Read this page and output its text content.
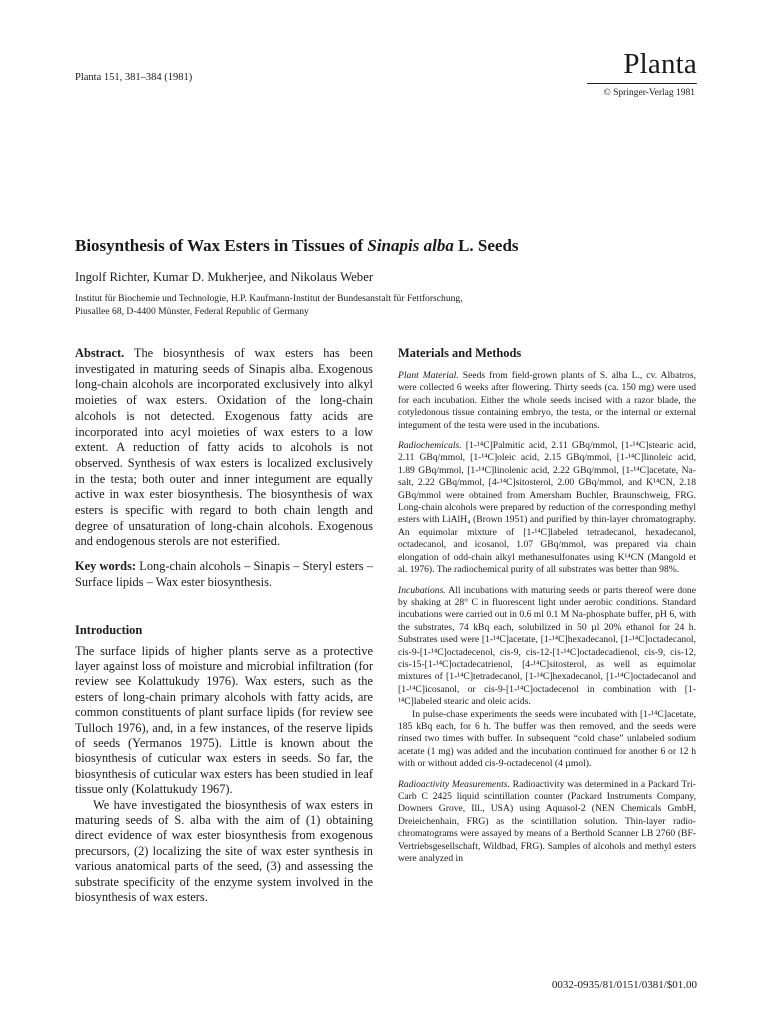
Planta 151, 381–384 (1981)	Planta
© Springer-Verlag 1981
Biosynthesis of Wax Esters in Tissues of Sinapis alba L. Seeds
Ingolf Richter, Kumar D. Mukherjee, and Nikolaus Weber
Institut für Biochemie und Technologie, H.P. Kaufmann-Institut der Bundesanstalt für Fettforschung,
Piusallee 68, D-4400 Münster, Federal Republic of Germany

Abstract. The biosynthesis of wax esters has been investigated in maturing seeds of Sinapis alba. Exogenous long-chain alcohols are incorporated exclusively into alkyl moieties of wax esters. Oxidation of the long-chain alcohols is not detected. Exogenous fatty acids are incorporated into acyl moieties of wax esters to a low extent. A reduction of fatty acids to alcohols is not observed. Synthesis of wax esters is localized exclusively in the testa; both outer and inner integument are equally active in wax ester biosynthesis. The biosynthesis of wax esters is specific with regard to both chain length and degree of unsaturation of long-chain alcohols. Exogenous and endogenous sterols are not esterified.

Key words: Long-chain alcohols – Sinapis – Steryl esters – Surface lipids – Wax ester biosynthesis.

Introduction

The surface lipids of higher plants serve as a protective layer against loss of moisture and microbial infiltration (for review see Kolattukudy 1976). Wax esters, such as the esters of long-chain primary alcohols with fatty acids, are common constituents of plant surface lipids (for review see Tulloch 1976), and, in a few instances, of the reserve lipids of seeds (Yermanos 1975). Little is known about the biosynthesis of cuticular wax esters in seeds. So far, the biosynthesis of cuticular wax esters has been studied in leaf tissue only (Kolattukudy 1967).

We have investigated the biosynthesis of wax esters in maturing seeds of S. alba with the aim of (1) obtaining direct evidence of wax ester biosynthesis from exogenous precursors, (2) localizing the site of wax ester synthesis in various anatomical parts of the seed, (3) and assessing the substrate specificity of the enzyme system involved in the biosynthesis of wax esters.

Materials and Methods

Plant Material. Seeds from field-grown plants of S. alba L., cv. Albatros, were collected 6 weeks after flowering. Thirty seeds (ca. 150 mg) were used for each incubation. Either the whole seeds incised with a razor blade, the cotyledonous tissue containing embryo, the testa, or the internal or external integument of the testa were used in the incubations.

Radiochemicals. [1-¹⁴C]Palmitic acid, 2.11 GBq/mmol, [1-¹⁴C]stearic acid, 2.11 GBq/mmol, [1-¹⁴C]oleic acid, 2.15 GBq/mmol, [1-¹⁴C]linoleic acid, 1.89 GBq/mmol, [1-¹⁴C]linolenic acid, 2.22 GBq/mmol, [1-¹⁴C]acetate, Na-salt, 2.22 GBq/mmol, [4-¹⁴C]sitosterol, 2.00 GBq/mmol, and K¹⁴CN, 2.18 GBq/mmol were obtained from Amersham Buchler, Braunschweig, FRG. Long-chain alcohols were prepared by reduction of the corresponding methyl esters with LiAlH₄ (Brown 1951) and purified by thin-layer chromatography. An equimolar mixture of [1-¹⁴C]labeled tetradecanol, hexadecanol, octadecanol, and icosanol, 1.07 GBq/mmol, was prepared via chain elongation of odd-chain alkyl methanesulfonates using K¹⁴CN (Mangold et al. 1976). The radiochemical purity of all substrates was better than 98%.

Incubations. All incubations with maturing seeds or parts thereof were done by shaking at 28° C in fluorescent light under aerobic conditions. Standard incubations were carried out in 0.6 ml 0.1 M Na-phosphate buffer, pH 6, with the substrates, 74 kBq each, solubilized in 50 µl 20% ethanol for 24 h. Substrates used were [1-¹⁴C]acetate, [1-¹⁴C]hexadecanol, [1-¹⁴C]octadecanol, cis-9-[1-¹⁴C]octadecenol, cis-9, cis-12-[1-¹⁴C]octadecadienol, cis-9, cis-12, cis-15-[1-¹⁴C]octadecatrienol, [4-¹⁴C]sitosterol, as well as equimolar mixtures of [1-¹⁴C]tetradecanol, [1-¹⁴C]hexadecanol, [1-¹⁴C]octadecanol and [1-¹⁴C]icosanol, or cis-9-[1-¹⁴C]octadecenol in combination with [1-¹⁴C]labeled stearic and oleic acids.

In pulse-chase experiments the seeds were incubated with [1-¹⁴C]acetate, 185 kBq each, for 6 h. The buffer was then removed, and the seeds were rinsed two times with buffer. In subsequent “cold chase” unlabeled sodium acetate (1 mg) was added and the incubation continued for another 6 or 12 h with or without added cis-9-octadecenol (4 µmol).

Radioactivity Measurements. Radioactivity was determined in a Packard Tri-Carb C 2425 liquid scintillation counter (Packard Instruments Company, Downers Grove, Ill., USA) using Aquasol-2 (NEN Chemicals GmbH, Dreieichenhain, FRG) as the scintillation solution. Thin-layer radio-chromatograms were assayed by means of a Berthold Scanner LB 2760 (BF-Vertriebsgesellschaft, Wildbad, FRG). Samples of alcohols and methyl esters were analyzed in

0032-0935/81/0151/0381/$01.00
